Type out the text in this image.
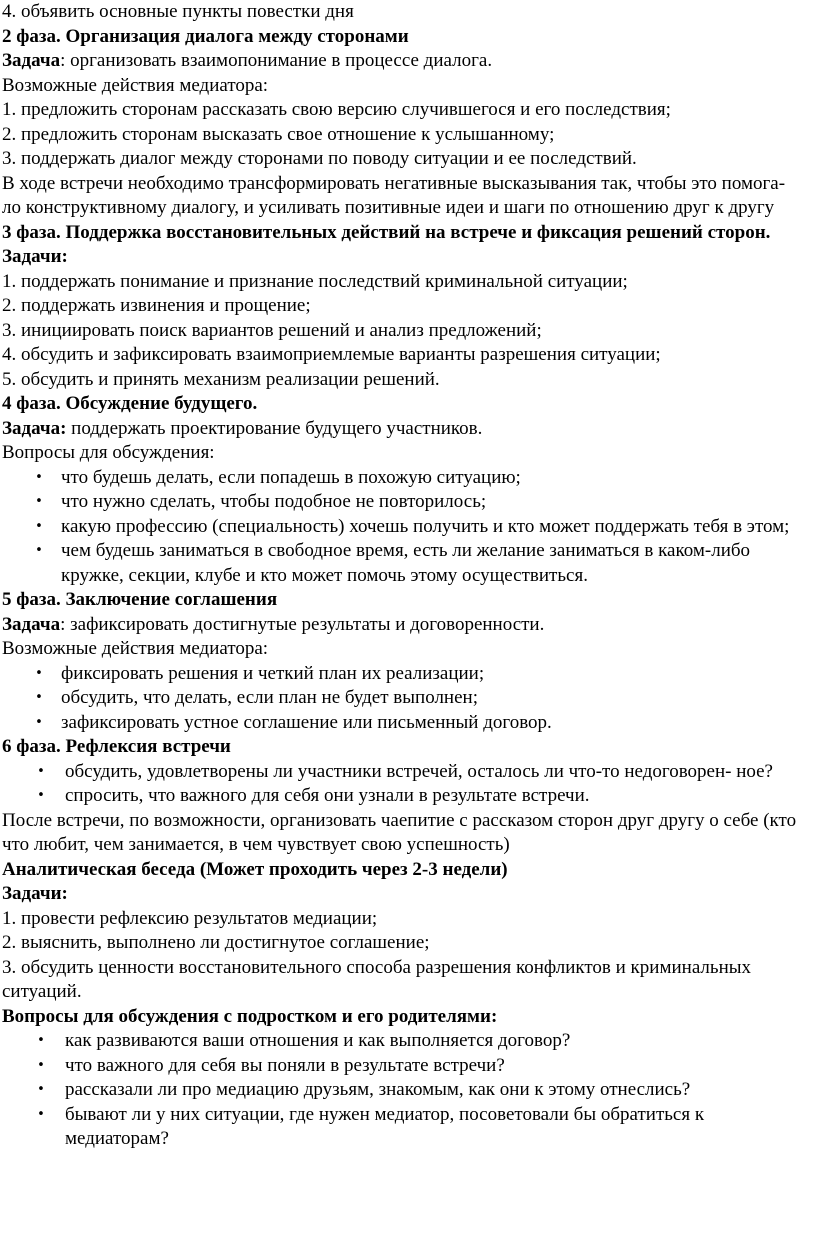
4. объявить основные пункты повестки дня

2 фаза. Организация диалога между сторонами

Задача: организовать взаимопонимание в процессе диалога.

Возможные действия медиатора:

1. предложить сторонам рассказать свою версию случившегося и его последствия;

2. предложить сторонам высказать свое отношение к услышанному;

3. поддержать диалог между сторонами по поводу ситуации и ее последствий.

В ходе встречи необходимо трансформировать негативные высказывания так, чтобы это помога- ло конструктивному диалогу, и усиливать позитивные идеи и шаги по отношению друг к другу

3 фаза. Поддержка восстановительных действий на встрече и фиксация решений сторон.

Задачи:

1. поддержать понимание и признание последствий криминальной ситуации;

2. поддержать извинения и прощение;

3. инициировать поиск вариантов решений и анализ предложений;

4. обсудить и зафиксировать взаимоприемлемые варианты разрешения ситуации;

5. обсудить и принять механизм реализации решений.

4 фаза. Обсуждение будущего.

Задача: поддержать проектирование будущего участников.

Вопросы для обсуждения:

• что будешь делать, если попадешь в похожую ситуацию;
• что нужно сделать, чтобы подобное не повторилось;
• какую профессию (специальность) хочешь получить и кто может поддержать тебя в этом;
• чем будешь заниматься в свободное время, есть ли желание заниматься в каком-либо кружке, секции, клубе и кто может помочь этому осуществиться.

5 фаза. Заключение соглашения

Задача: зафиксировать достигнутые результаты и договоренности.

Возможные действия медиатора:

• фиксировать решения и четкий план их реализации;
• обсудить, что делать, если план не будет выполнен;
• зафиксировать устное соглашение или письменный договор.

6 фаза. Рефлексия встречи

• обсудить, удовлетворены ли участники встречей, осталось ли что-то недоговорен- ное?
• спросить, что важного для себя они узнали в результате встречи.

После встречи, по возможности, организовать чаепитие с рассказом сторон друг другу о себе (кто что любит, чем занимается, в чем чувствует свою успешность)

Аналитическая беседа (Может проходить через 2-3 недели)

Задачи:

1. провести рефлексию результатов медиации;

2. выяснить, выполнено ли достигнутое соглашение;

3. обсудить ценности восстановительного способа разрешения конфликтов и криминальных ситуаций.

Вопросы для обсуждения с подростком и его родителями:

• как развиваются ваши отношения и как выполняется договор?
• что важного для себя вы поняли в результате встречи?
• рассказали ли про медиацию друзьям, знакомым, как они к этому отнеслись?
• бывают ли у них ситуации, где нужен медиатор, посоветовали бы обратиться к медиаторам?
